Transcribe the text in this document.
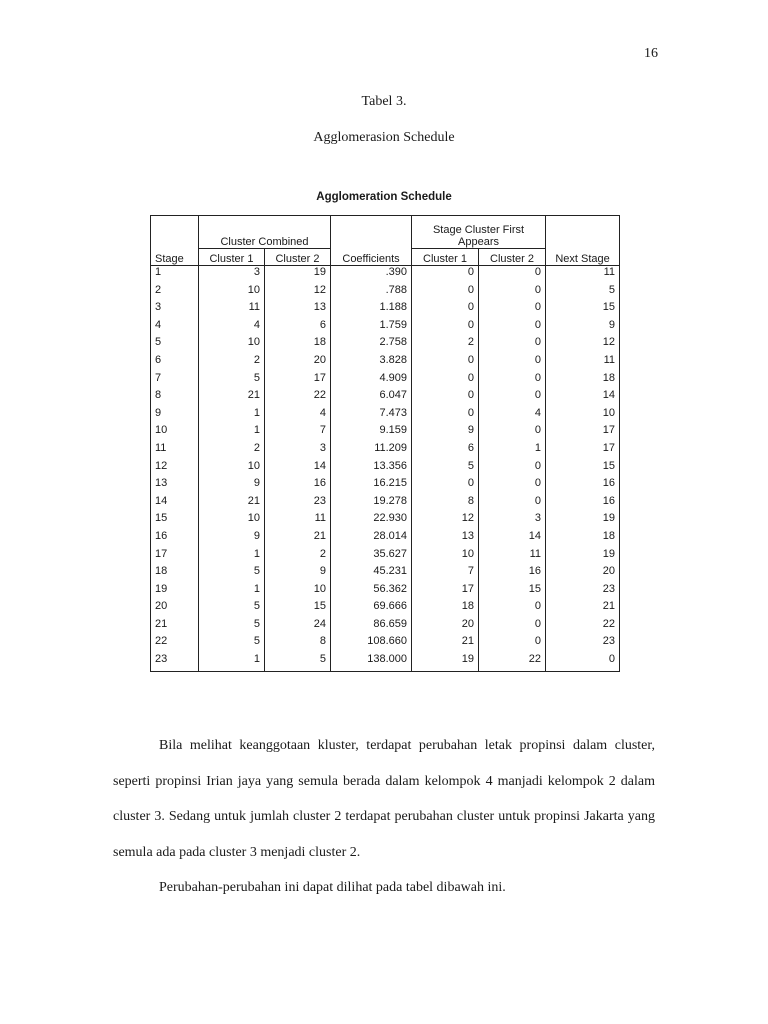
16
Tabel 3.
Agglomerasion Schedule
Agglomeration Schedule
Stage	Cluster Combined		Coefficients	Stage Cluster First Appears		Next Stage
	Cluster 1	Cluster 2		Cluster 1	Cluster 2	
1	3	19	.390	0	0	11
2	10	12	.788	0	0	5
3	11	13	1.188	0	0	15
4	4	6	1.759	0	0	9
5	10	18	2.758	2	0	12
6	2	20	3.828	0	0	11
7	5	17	4.909	0	0	18
8	21	22	6.047	0	0	14
9	1	4	7.473	0	4	10
10	1	7	9.159	9	0	17
11	2	3	11.209	6	1	17
12	10	14	13.356	5	0	15
13	9	16	16.215	0	0	16
14	21	23	19.278	8	0	16
15	10	11	22.930	12	3	19
16	9	21	28.014	13	14	18
17	1	2	35.627	10	11	19
18	5	9	45.231	7	16	20
19	1	10	56.362	17	15	23
20	5	15	69.666	18	0	21
21	5	24	86.659	20	0	22
22	5	8	108.660	21	0	23
23	1	5	138.000	19	22	0
Bila melihat keanggotaan kluster, terdapat perubahan letak propinsi dalam cluster, seperti propinsi Irian jaya yang semula berada dalam kelompok 4 manjadi kelompok 2 dalam cluster 3. Sedang untuk jumlah cluster 2 terdapat perubahan cluster untuk propinsi Jakarta yang semula ada pada cluster 3 menjadi cluster 2.
Perubahan-perubahan ini dapat dilihat pada tabel dibawah ini.
